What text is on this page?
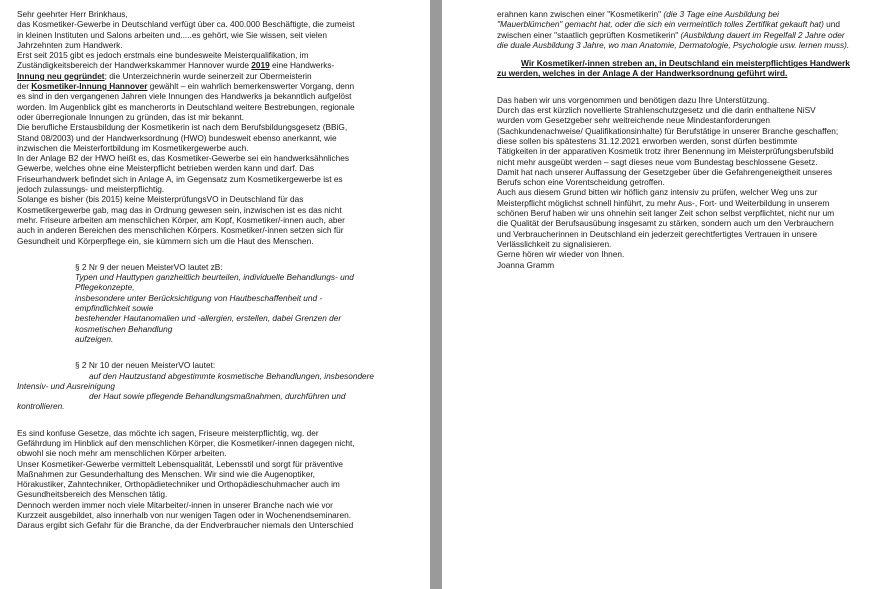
Sehr geehrter Herr Brinkhaus,

das Kosmetiker-Gewerbe in Deutschland verfügt über ca. 400.000 Beschäftigte, die zumeist

in kleinen Instituten und Salons arbeiten und.....es gehört, wie Sie wissen, seit vielen

Jahrzehnten zum Handwerk.

Erst seit 2015 gibt es jedoch erstmals eine bundesweite Meisterqualifikation, im

Zuständigkeitsbereich der Handwerkskammer Hannover wurde 2019 eine Handwerks-

Innung neu gegründet; die Unterzeichnerin wurde seinerzeit zur Obermeisterin

der Kosmetiker-Innung Hannover gewählt – ein wahrlich bemerkenswerter Vorgang, denn

es sind in den vergangenen Jahren viele Innungen des Handwerks ja bekanntlich aufgelöst

worden. Im Augenblick gibt es mancherorts in Deutschland weitere Bestrebungen, regionale

oder überregionale Innungen zu gründen, das ist mir bekannt.

Die berufliche Erstausbildung der Kosmetikerin ist nach dem Berufsbildungsgesetz (BBiG,

Stand 08/2003) und der Handwerksordnung (HWO) bundesweit ebenso anerkannt, wie

inzwischen die Meisterfortbildung im Kosmetikergewerbe auch.

In der Anlage B2 der HWO heißt es, das Kosmetiker-Gewerbe sei ein handwerksähnliches

Gewerbe, welches ohne eine Meisterpflicht betrieben werden kann und darf. Das

Friseurhandwerk befindet sich in Anlage A, im Gegensatz zum Kosmetikergewerbe ist es

jedoch zulassungs- und meisterpflichtig.

Solange es bisher (bis 2015) keine MeisterprüfungsVO in Deutschland für das

Kosmetikergewerbe gab, mag das in Ordnung gewesen sein, inzwischen ist es das nicht

mehr. Friseure arbeiten am menschlichen Körper, am Kopf, Kosmetiker/-innen auch, aber

auch in anderen Bereichen des menschlichen Körpers. Kosmetiker/-innen setzen sich für

Gesundheit und Körperpflege ein, sie kümmern sich um die Haut des Menschen.

§ 2 Nr 9 der neuen MeisterVO lautet zB:

Typen und Hauttypen ganzheitlich beurteilen, individuelle Behandlungs- und

Pflegekonzepte,

insbesondere unter Berücksichtigung von Hautbeschaffenheit und -

empfindlichkeit sowie

bestehender Hautanomalien und -allergien, erstellen, dabei Grenzen der

kosmetischen Behandlung

aufzeigen.

§ 2 Nr 10 der neuen MeisterVO lautet:

auf den Hautzustand abgestimmte kosmetische Behandlungen, insbesondere

Intensiv- und Ausreinigung

der Haut sowie pflegende Behandlungsmaßnahmen, durchführen und

kontrollieren.

Es sind konfuse Gesetze, das möchte ich sagen, Friseure meisterpflichtig, wg. der

Gefährdung im Hinblick auf den menschlichen Körper, die Kosmetiker/-innen dagegen nicht,

obwohl sie noch mehr am menschlichen Körper arbeiten.

Unser Kosmetiker-Gewerbe vermittelt Lebensqualität, Lebensstil und sorgt für präventive

Maßnahmen zur Gesunderhaltung des Menschen. Wir sind wie die Augenoptiker,

Hörakustiker, Zahntechniker, Orthopädietechniker und Orthopädieschuhmacher auch im

Gesundheitsbereich des Menschen tätig.

Dennoch werden immer noch viele Mitarbeiter/-innen in unserer Branche nach wie vor

Kurzzeit ausgebildet, also innerhalb von nur wenigen Tagen oder in Wochenendseminaren.

Daraus ergibt sich Gefahr für die Branche, da der Endverbraucher niemals den Unterschied

erahnen kann zwischen einer "Kosmetikerin" (die 3 Tage eine Ausbildung bei

"Mauerblümchen" gemacht hat, oder die sich ein vermeintlich tolles Zertifikat gekauft hat) und

zwischen einer "staatlich geprüften Kosmetikerin" (Ausbildung dauert im Regelfall 2 Jahre oder

die duale Ausbildung 3 Jahre, wo man Anatomie, Dermatologie, Psychologie usw. lernen muss).

Wir Kosmetiker/-innen streben an, in Deutschland ein meisterpflichtiges Handwerk

zu werden, welches in der Anlage A der Handwerksordnung geführt wird.

Das haben wir uns vorgenommen und benötigen dazu Ihre Unterstützung.

Durch das erst kürzlich novellierte Strahlenschutzgesetz und die darin enthaltene NiSV

wurden vom Gesetzgeber sehr weitreichende neue Mindestanforderungen

(Sachkundenachweise/ Qualifikationsinhalte) für Berufstätige in unserer Branche geschaffen;

diese sollen bis spätestens 31.12.2021 erworben werden, sonst dürfen bestimmte

Tätigkeiten in der apparativen Kosmetik trotz ihrer Benennung im Meisterprüfungsberufsbild

nicht mehr ausgeübt werden – sagt dieses neue vom Bundestag beschlossene Gesetz.

Damit hat nach unserer Auffassung der Gesetzgeber über die Gefahrengeneigtheit unseres

Berufs schon eine Vorentscheidung getroffen.

Auch aus diesem Grund bitten wir höflich ganz intensiv zu prüfen, welcher Weg uns zur

Meisterpflicht möglichst schnell hinführt, zu mehr Aus-, Fort- und Weiterbildung in unserem

schönen Beruf haben wir uns ohnehin seit langer Zeit schon selbst verpflichtet, nicht nur um

die Qualität der Berufsausübung insgesamt zu stärken, sondern auch um den Verbrauchern

und Verbraucherinnen in Deutschland ein jederzeit gerechtfertigtes Vertrauen in unsere

Verlässlichkeit zu signalisieren.

Gerne hören wir wieder von Ihnen.

Joanna Gramm
